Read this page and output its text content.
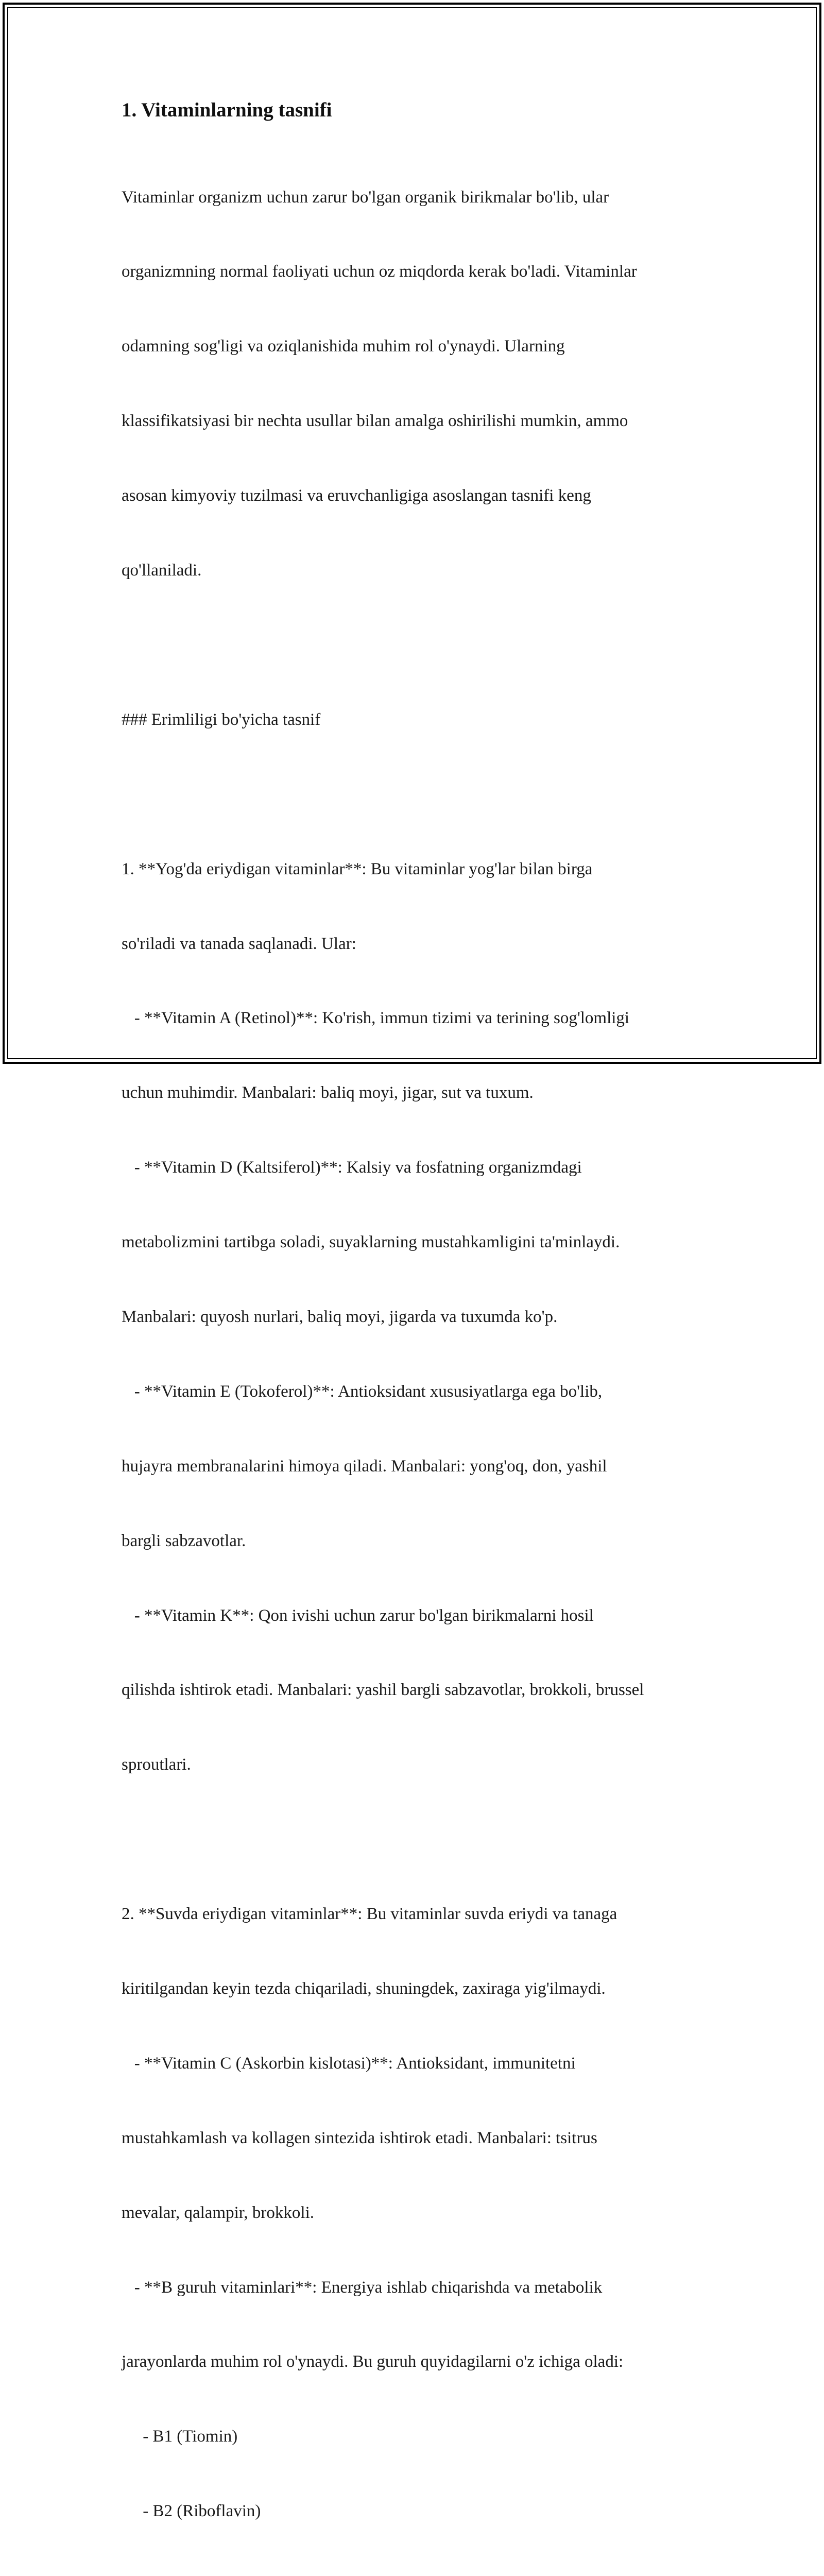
1. Vitaminlarning tasnifi

Vitaminlar organizm uchun zarur bo'lgan organik birikmalar bo'lib, ular

organizmning normal faoliyati uchun oz miqdorda kerak bo'ladi. Vitaminlar

odamning sog'ligi va oziqlanishida muhim rol o'ynaydi. Ularning

klassifikatsiyasi bir nechta usullar bilan amalga oshirilishi mumkin, ammo

asosan kimyoviy tuzilmasi va eruvchanligiga asoslangan tasnifi keng

qo'llaniladi.

### Erimliligi bo'yicha tasnif

1. **Yog'da eriydigan vitaminlar**: Bu vitaminlar yog'lar bilan birga

so'riladi va tanada saqlanadi. Ular:

- **Vitamin A (Retinol)**: Ko'rish, immun tizimi va terining sog'lomligi

uchun muhimdir. Manbalari: baliq moyi, jigar, sut va tuxum.

- **Vitamin D (Kaltsiferol)**: Kalsiy va fosfatning organizmdagi

metabolizmini tartibga soladi, suyaklarning mustahkamligini ta'minlaydi.

Manbalari: quyosh nurlari, baliq moyi, jigarda va tuxumda ko'p.

- **Vitamin E (Tokoferol)**: Antioksidant xususiyatlarga ega bo'lib,

hujayra membranalarini himoya qiladi. Manbalari: yong'oq, don, yashil

bargli sabzavotlar.

- **Vitamin K**: Qon ivishi uchun zarur bo'lgan birikmalarni hosil

qilishda ishtirok etadi. Manbalari: yashil bargli sabzavotlar, brokkoli, brussel

sproutlari.

2. **Suvda eriydigan vitaminlar**: Bu vitaminlar suvda eriydi va tanaga

kiritilgandan keyin tezda chiqariladi, shuningdek, zaxiraga yig'ilmaydi.

- **Vitamin C (Askorbin kislotasi)**: Antioksidant, immunitetni

mustahkamlash va kollagen sintezida ishtirok etadi. Manbalari: tsitrus

mevalar, qalampir, brokkoli.

- **B guruh vitaminlari**: Energiya ishlab chiqarishda va metabolik

jarayonlarda muhim rol o'ynaydi. Bu guruh quyidagilarni o'z ichiga oladi:

- B1 (Tiomin)

- B2 (Riboflavin)
